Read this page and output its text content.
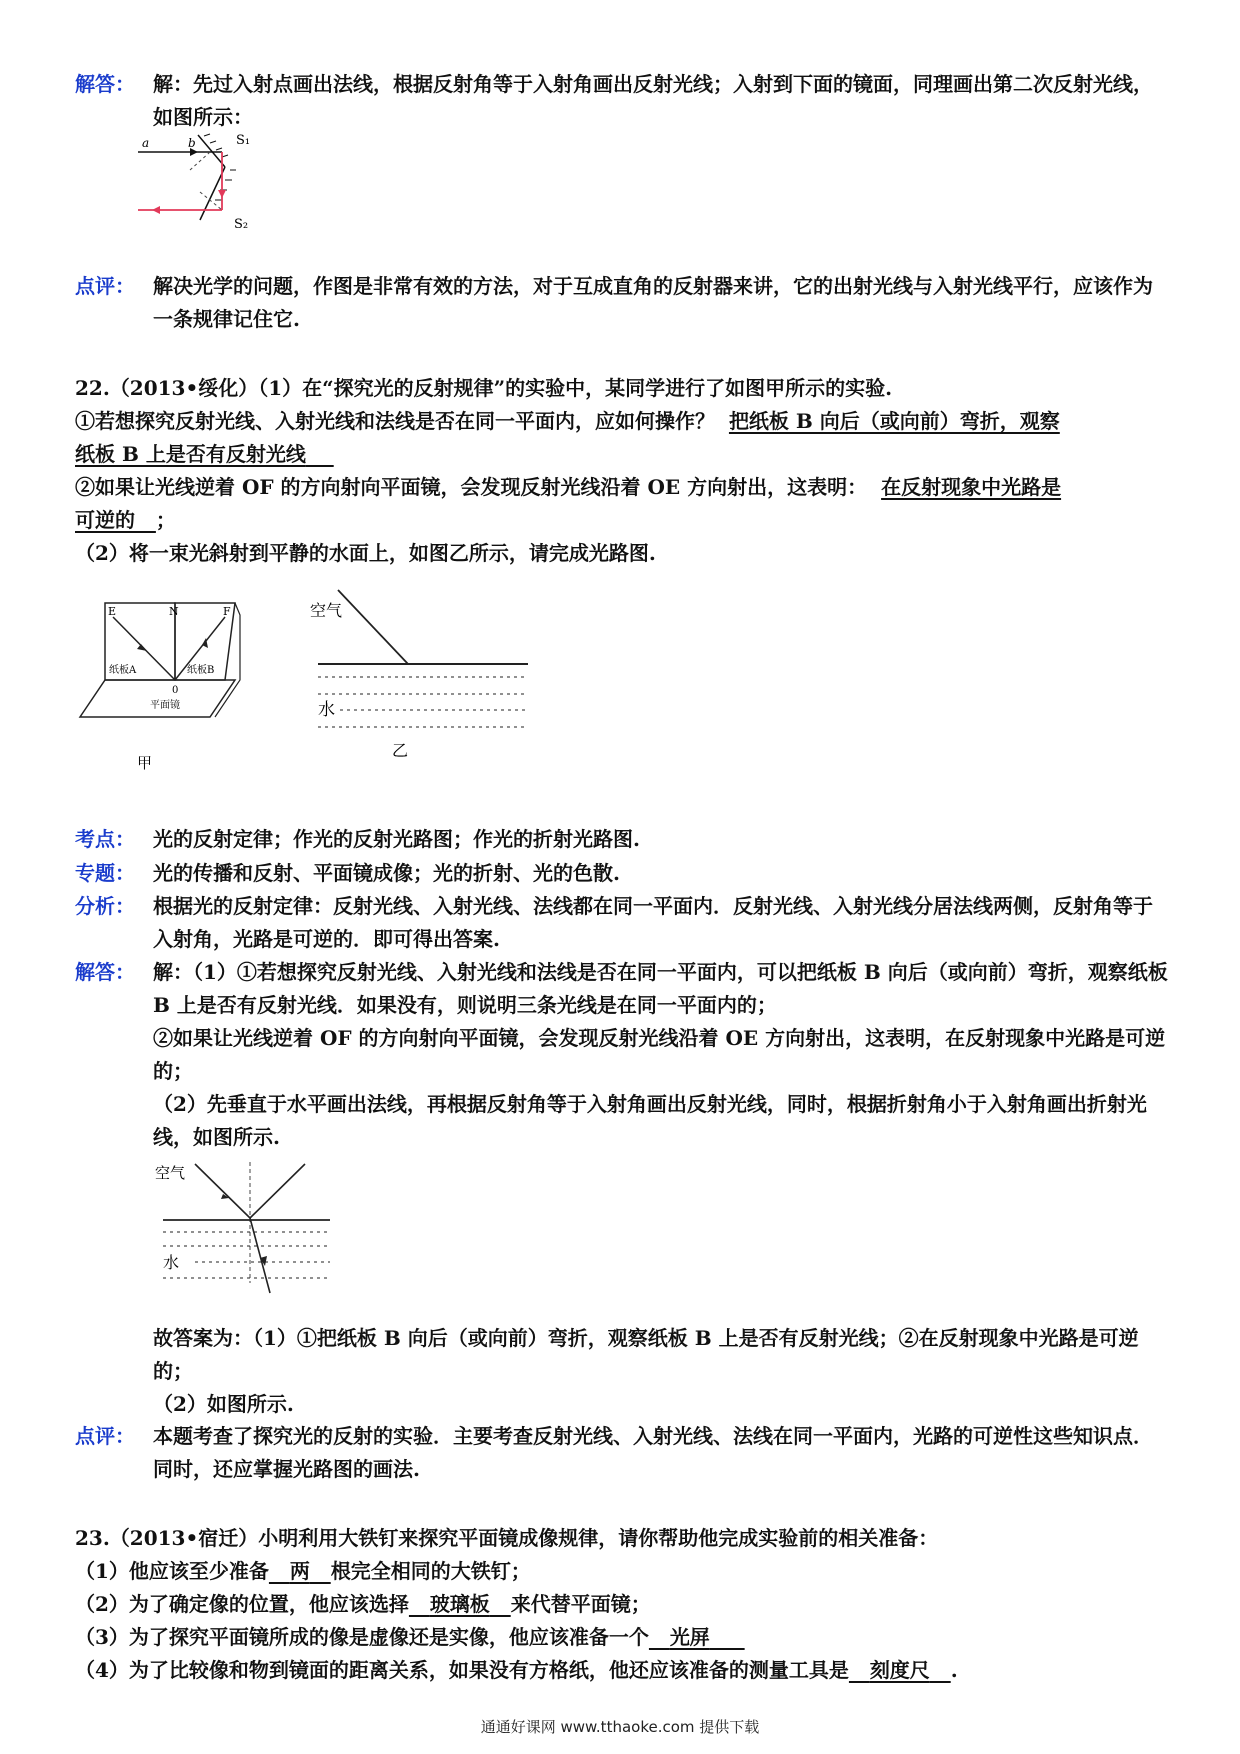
解答： 解：先过入射点画出法线，根据反射角等于入射角画出反射光线；入射到下面的镜面，同理画出第二次反射光线，如图所示：
a	b	S₁
S₂
点评： 解决光学的问题，作图是非常有效的方法，对于互成直角的反射器来讲，它的出射光线与入射光线平行，应该作为一条规律记住它.
22.（2013•绥化）（1）在“探究光的反射规律”的实验中，某同学进行了如图甲所示的实验.
①若想探究反射光线、入射光线和法线是否在同一平面内，应如何操作？ 把纸板 B 向后（或向前）弯折，观察
纸板 B 上是否有反射光线
②如果让光线逆着 OF 的方向射向平面镜，会发现反射光线沿着 OE 方向射出，这表明： 在反射现象中光路是
可逆的 ；
（2）将一束光斜射到平静的水面上，如图乙所示，请完成光路图.
E	N	F
纸板A	纸板B
0
平面镜
甲
空气
水
乙
考点： 光的反射定律；作光的反射光路图；作光的折射光路图.
专题： 光的传播和反射、平面镜成像；光的折射、光的色散.
分析： 根据光的反射定律：反射光线、入射光线、法线都在同一平面内．反射光线、入射光线分居法线两侧，反射角等于入射角，光路是可逆的．即可得出答案.
解答： 解：（1）①若想探究反射光线、入射光线和法线是否在同一平面内，可以把纸板 B 向后（或向前）弯折，观察纸板 B 上是否有反射光线．如果没有，则说明三条光线是在同一平面内的；
②如果让光线逆着 OF 的方向射向平面镜，会发现反射光线沿着 OE 方向射出，这表明，在反射现象中光路是可逆的；
（2）先垂直于水平画出法线，再根据反射角等于入射角画出反射光线，同时，根据折射角小于入射角画出折射光线，如图所示.
空气
水
故答案为：（1）①把纸板 B 向后（或向前）弯折，观察纸板 B 上是否有反射光线；②在反射现象中光路是可逆的；
（2）如图所示.
点评： 本题考查了探究光的反射的实验．主要考查反射光线、入射光线、法线在同一平面内，光路的可逆性这些知识点．同时，还应掌握光路图的画法.
23.（2013•宿迁）小明利用大铁钉来探究平面镜成像规律，请你帮助他完成实验前的相关准备：
（1）他应该至少准备 两 根完全相同的大铁钉；
（2）为了确定像的位置，他应该选择 玻璃板 来代替平面镜；
（3）为了探究平面镜所成的像是虚像还是实像，他应该准备一个 光屏
（4）为了比较像和物到镜面的距离关系，如果没有方格纸，他还应该准备的测量工具是 刻度尺 .
通通好课网 www.tthaoke.com 提供下载
